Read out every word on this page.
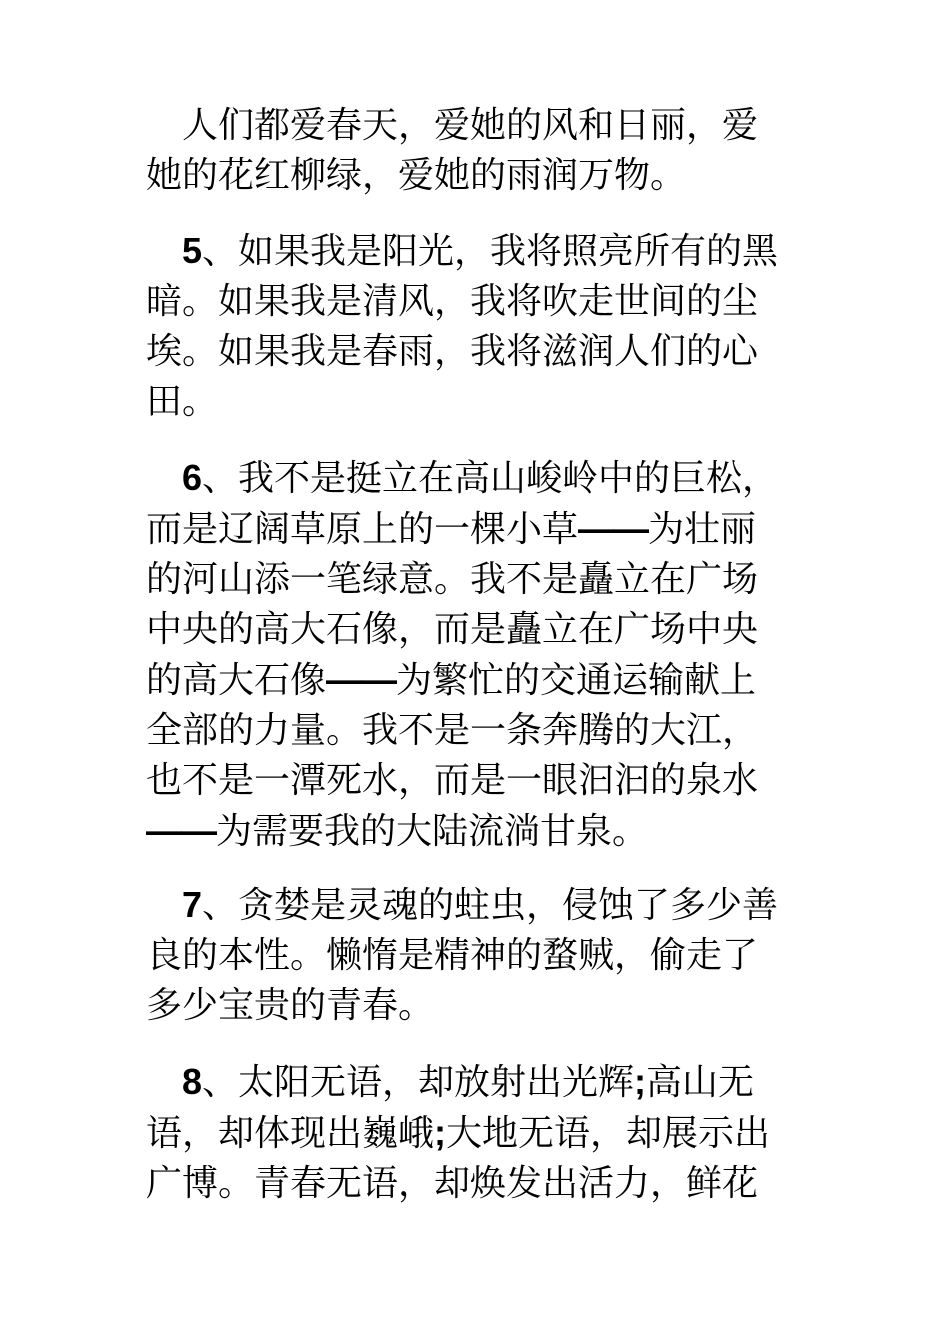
人们都爱春天，爱她的风和日丽，爱
她的花红柳绿，爱她的雨润万物。

5、如果我是阳光，我将照亮所有的黑
暗。如果我是清风，我将吹走世间的尘
埃。如果我是春雨，我将滋润人们的心
田。

6、我不是挺立在高山峻岭中的巨松，
而是辽阔草原上的一棵小草——为壮丽
的河山添一笔绿意。我不是矗立在广场
中央的高大石像，而是矗立在广场中央
的高大石像——为繁忙的交通运输献上
全部的力量。我不是一条奔腾的大江，
也不是一潭死水，而是一眼汩汩的泉水
——为需要我的大陆流淌甘泉。

7、贪婪是灵魂的蛀虫，侵蚀了多少善
良的本性。懒惰是精神的蝥贼，偷走了
多少宝贵的青春。

8、太阳无语，却放射出光辉;高山无
语，却体现出巍峨;大地无语，却展示出
广博。青春无语，却焕发出活力，鲜花
